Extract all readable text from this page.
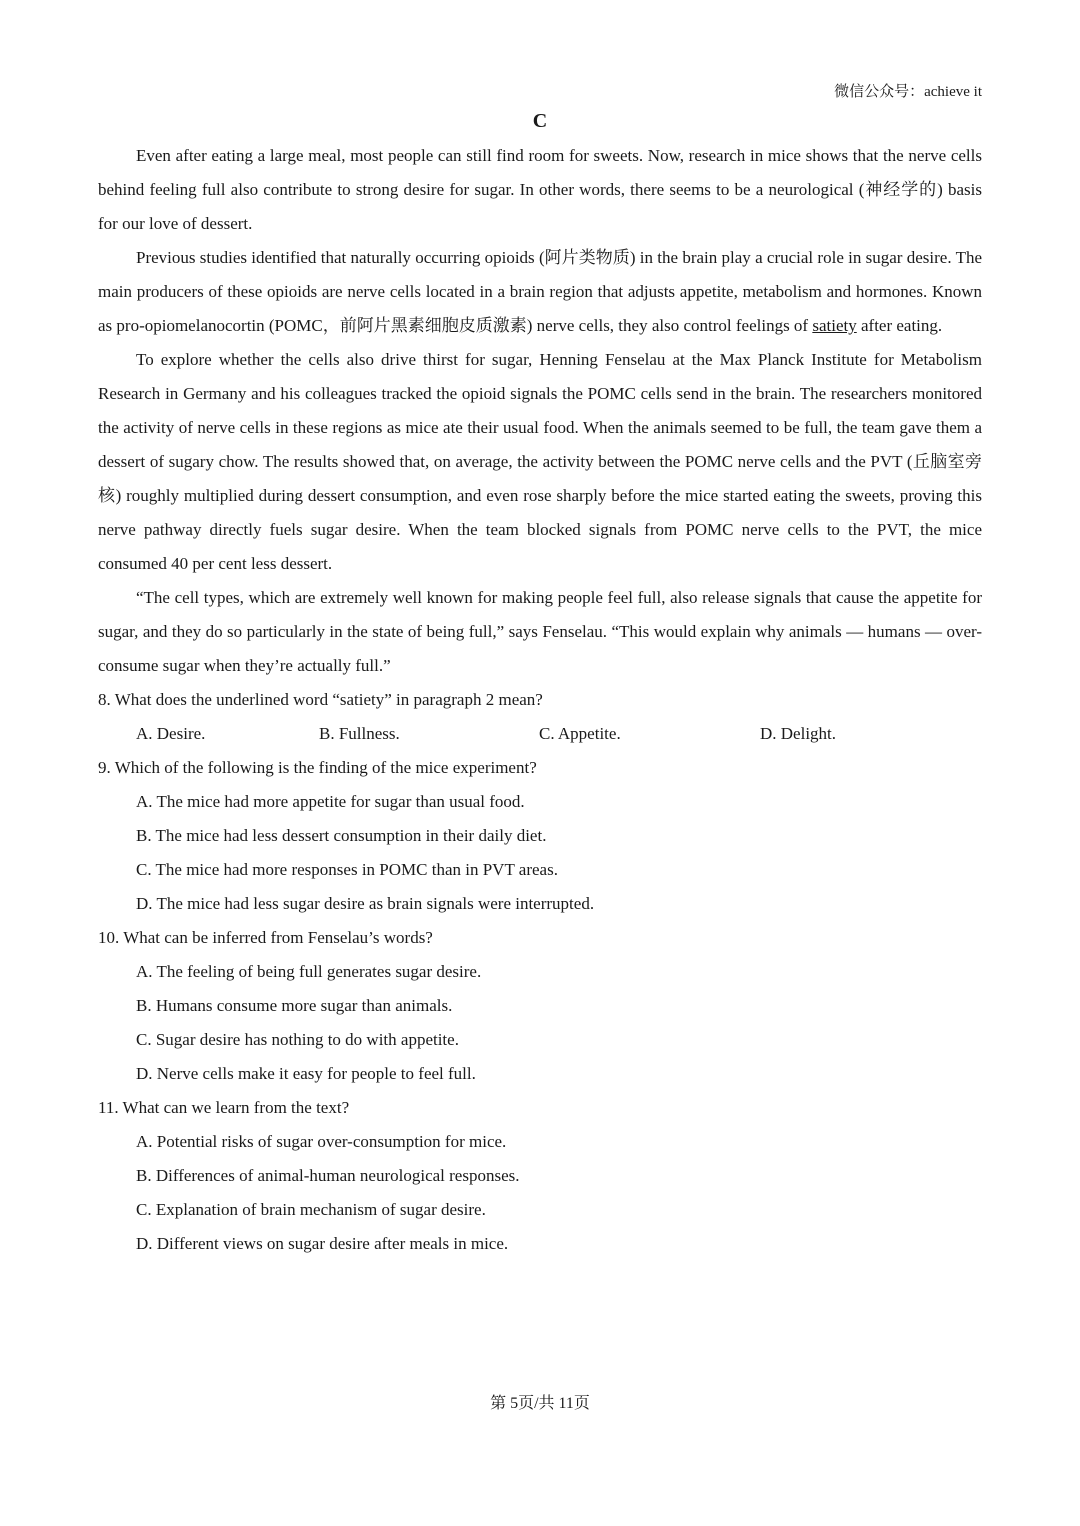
微信公众号：achieve it
C

Even after eating a large meal, most people can still find room for sweets. Now, research in mice shows that the nerve cells behind feeling full also contribute to strong desire for sugar. In other words, there seems to be a neurological (神经学的) basis for our love of dessert.

Previous studies identified that naturally occurring opioids (阿片类物质) in the brain play a crucial role in sugar desire. The main producers of these opioids are nerve cells located in a brain region that adjusts appetite, metabolism and hormones. Known as pro-opiomelanocortin (POMC，前阿片黑素细胞皮质激素) nerve cells, they also control feelings of satiety after eating.

To explore whether the cells also drive thirst for sugar, Henning Fenselau at the Max Planck Institute for Metabolism Research in Germany and his colleagues tracked the opioid signals the POMC cells send in the brain. The researchers monitored the activity of nerve cells in these regions as mice ate their usual food. When the animals seemed to be full, the team gave them a dessert of sugary chow. The results showed that, on average, the activity between the POMC nerve cells and the PVT (丘脑室旁核) roughly multiplied during dessert consumption, and even rose sharply before the mice started eating the sweets, proving this nerve pathway directly fuels sugar desire. When the team blocked signals from POMC nerve cells to the PVT, the mice consumed 40 per cent less dessert.

“The cell types, which are extremely well known for making people feel full, also release signals that cause the appetite for sugar, and they do so particularly in the state of being full,” says Fenselau. “This would explain why animals — humans — over-consume sugar when they’re actually full.”

8. What does the underlined word “satiety” in paragraph 2 mean?
A. Desire.	B. Fullness.	C. Appetite.	D. Delight.
9. Which of the following is the finding of the mice experiment?
A. The mice had more appetite for sugar than usual food.
B. The mice had less dessert consumption in their daily diet.
C. The mice had more responses in POMC than in PVT areas.
D. The mice had less sugar desire as brain signals were interrupted.
10. What can be inferred from Fenselau’s words?
A. The feeling of being full generates sugar desire.
B. Humans consume more sugar than animals.
C. Sugar desire has nothing to do with appetite.
D. Nerve cells make it easy for people to feel full.
11. What can we learn from the text?
A. Potential risks of sugar over-consumption for mice.
B. Differences of animal-human neurological responses.
C. Explanation of brain mechanism of sugar desire.
D. Different views on sugar desire after meals in mice.
第 5页/共 11页
